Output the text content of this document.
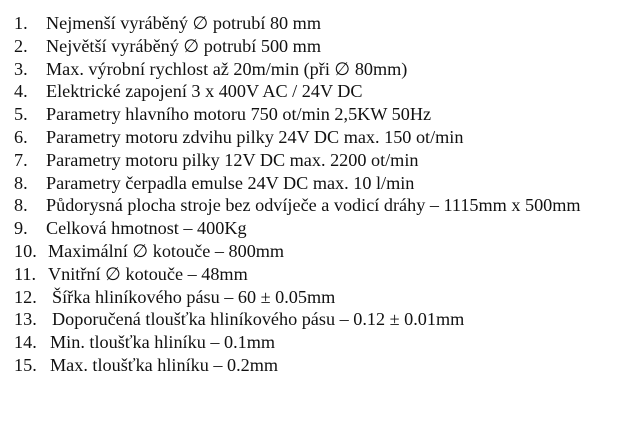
1. Nejmenší vyráběný ∅ potrubí 80 mm
2. Největší vyráběný ∅ potrubí 500 mm
3. Max. výrobní rychlost až 20m/min (při ∅ 80mm)
4. Elektrické zapojení 3 x 400V AC / 24V DC
5. Parametry hlavního motoru 750 ot/min 2,5KW 50Hz
6. Parametry motoru zdvihu pilky 24V DC max. 150 ot/min
7. Parametry motoru pilky 12V DC max. 2200 ot/min
8. Parametry čerpadla emulse 24V DC max. 10 l/min
8. Půdorysná plocha stroje bez odvíječe a vodicí dráhy – 1115mm x 500mm
9. Celková hmotnost – 400Kg
10. Maximální ∅ kotouče – 800mm
11. Vnitřní ∅ kotouče – 48mm
12. Šířka hliníkového pásu – 60 ± 0.05mm
13. Doporučená tloušťka hliníkového pásu – 0.12 ± 0.01mm
14. Min. tloušťka hliníku – 0.1mm
15. Max. tloušťka hliníku – 0.2mm
